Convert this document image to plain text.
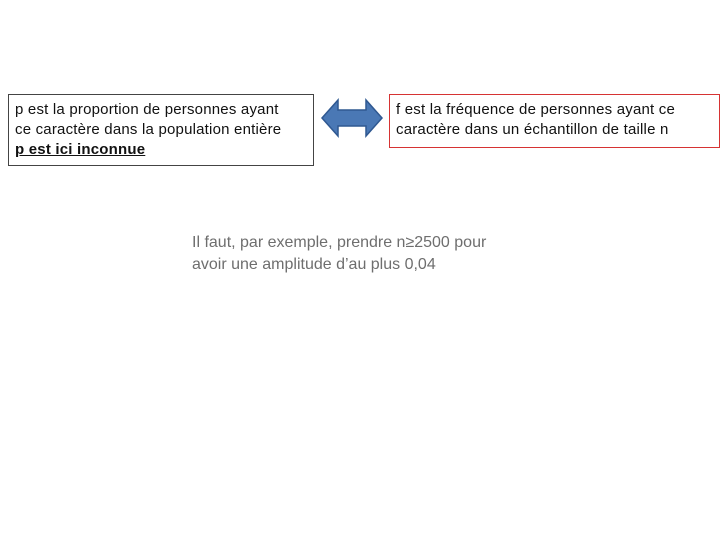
p est la proportion de personnes ayant
ce caractère dans la population entière
p est ici inconnue
f est la fréquence de personnes ayant ce
caractère dans un échantillon de taille n
Il faut, par exemple, prendre n≥2500 pour
avoir une amplitude d’au plus 0,04
